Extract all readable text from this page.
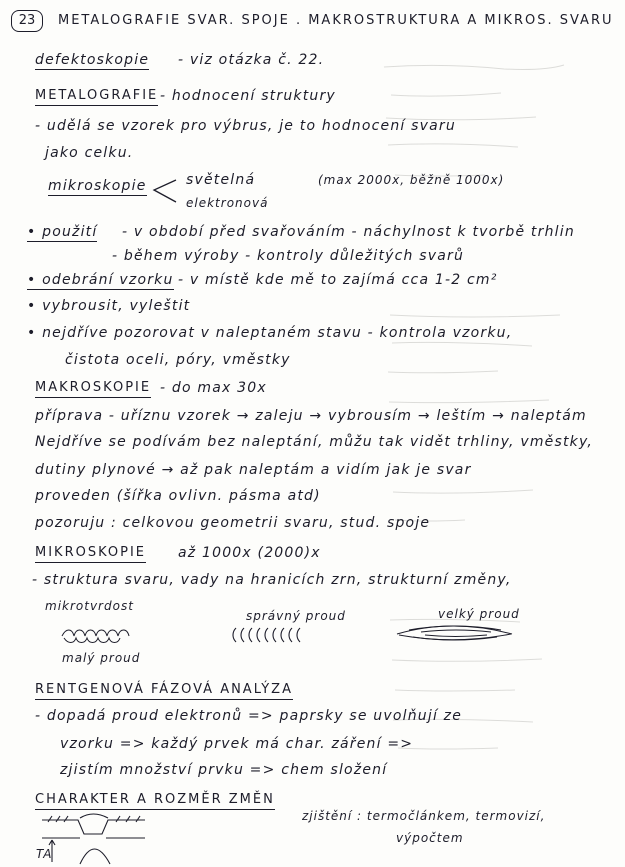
23	METALOGRAFIE SVAR. SPOJE . MAKROSTRUKTURA A MIKROS. SVARU
defektoskopie - viz otázka č. 22.
METALOGRAFIE - hodnocení struktury
- udělá se vzorek pro výbrus, je to hodnocení svaru
jako celku.
mikroskopie	světelná	(max 2000x, běžně 1000x)
elektronová
• použití - v období před svařováním - náchylnost k tvorbě trhlin
- během výroby - kontroly důležitých svarů
• odebrání vzorku - v místě kde mě to zajímá cca 1-2 cm²
• vybrousit, vyleštit
• nejdříve pozorovat v naleptaném stavu - kontrola vzorku,
čistota oceli, póry, vměstky
MAKROSKOPIE - do max 30x
příprava - uříznu vzorek → zaleju → vybrousím → leštím → naleptám
Nejdříve se podívám bez naleptání, můžu tak vidět trhliny, vměstky,
dutiny plynové → až pak naleptám a vidím jak je svar
proveden (šířka ovlivn. pásma atd)
pozoruju : celkovou geometrii svaru, stud. spoje
MIKROSKOPIE až 1000x (2000)x
- struktura svaru, vady na hranicích zrn, strukturní změny,
mikrotvrdost
malý proud
správný proud	velký proud
RENTGENOVÁ FÁZOVÁ ANALÝZA
- dopadá proud elektronů => paprsky se uvolňují ze
vzorku => každý prvek má char. záření =>
zjistím množství prvku => chem složení
CHARAKTER A ROZMĚR ZMĚN
zjištění : termočlánkem, termovizí,
výpočtem
TA
